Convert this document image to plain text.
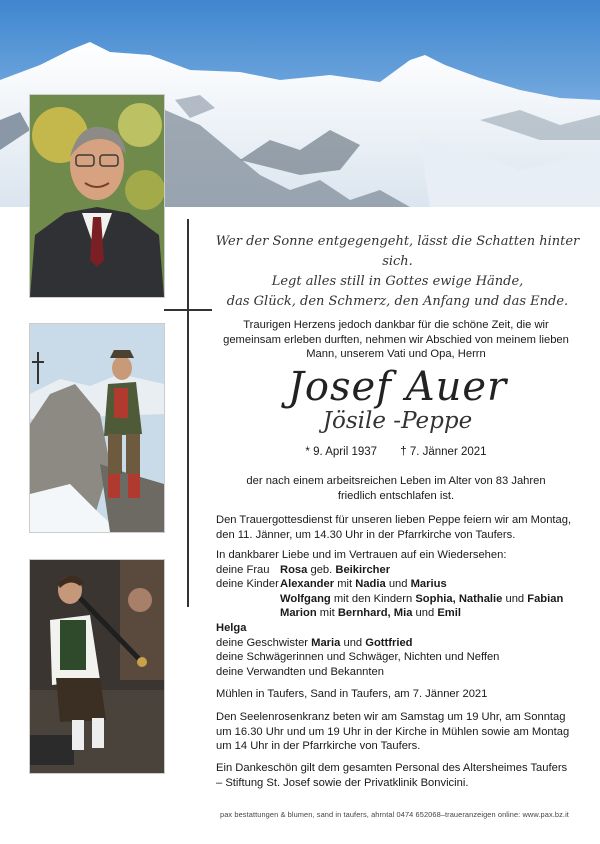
Wer der Sonne entgegengeht, lässt die Schatten hinter sich.
Legt alles still in Gottes ewige Hände,
das Glück, den Schmerz, den Anfang und das Ende.
Traurigen Herzens jedoch dankbar für die schöne Zeit, die wir
gemeinsam erleben durften, nehmen wir Abschied von meinem lieben
Mann, unserem Vati und Opa, Herrn
Josef Auer
Jösile -Peppe
* 9. April 1937 † 7. Jänner 2021
der nach einem arbeitsreichen Leben im Alter von 83 Jahren
friedlich entschlafen ist.
Den Trauergottesdienst für unseren lieben Peppe feiern wir am Montag, den 11. Jänner, um 14.30 Uhr in der Pfarrkirche von Taufers.
In dankbarer Liebe und im Vertrauen auf ein Wiedersehen:
deine Frau Rosa geb. Beikircher
deine Kinder Alexander mit Nadia und Marius
Wolfgang mit den Kindern Sophia, Nathalie und Fabian
Marion mit Bernhard, Mia und Emil
Helga
deine Geschwister Maria und Gottfried
deine Schwägerinnen und Schwäger, Nichten und Neffen
deine Verwandten und Bekannten
Mühlen in Taufers, Sand in Taufers, am 7. Jänner 2021
Den Seelenrosenkranz beten wir am Samstag um 19 Uhr, am Sonntag um 16.30 Uhr und um 19 Uhr in der Kirche in Mühlen sowie am Montag um 14 Uhr in der Pfarrkirche von Taufers.
Ein Dankeschön gilt dem gesamten Personal des Altersheimes Taufers – Stiftung St. Josef sowie der Privatklinik Bonvicini.
pax bestattungen & blumen, sand in taufers, ahrntal 0474 652068–traueranzeigen online: www.pax.bz.it
